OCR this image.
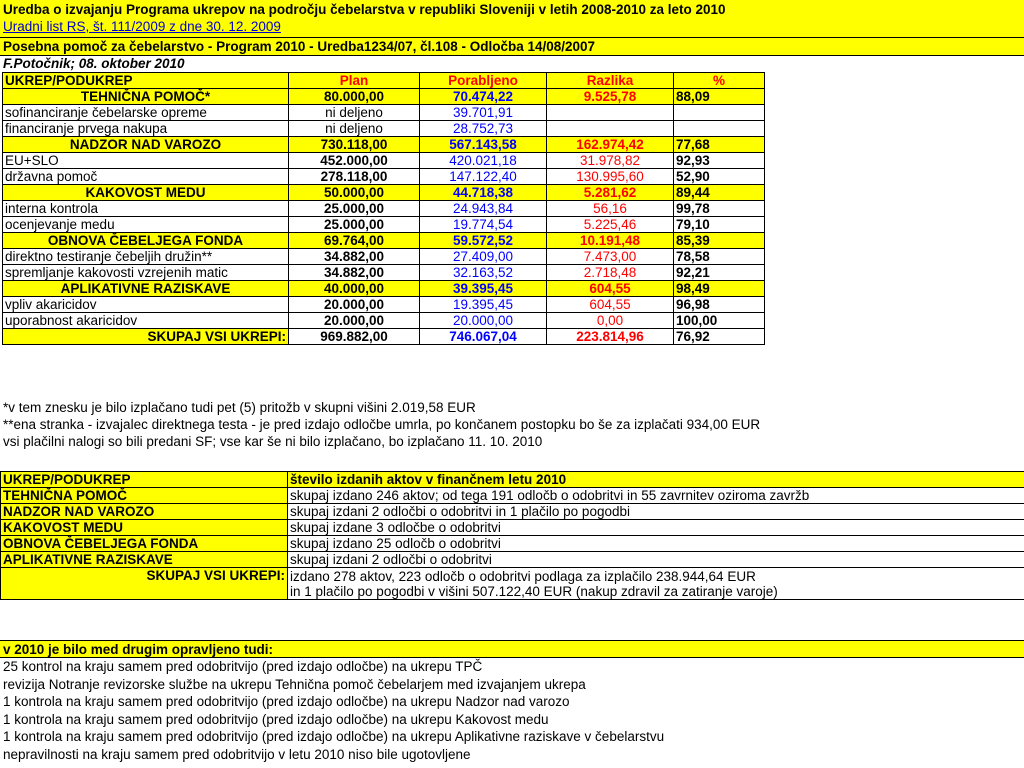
Uredba o izvajanju Programa ukrepov na področju čebelarstva v republiki Sloveniji v letih 2008-2010 za leto 2010
Uradni list RS, št. 111/2009 z dne 30. 12. 2009
Posebna pomoč za čebelarstvo - Program 2010 - Uredba1234/07, čl.108 - Odločba 14/08/2007
F.Potočnik; 08. oktober 2010
UKREP/PODUKREP	Plan	Porabljeno	Razlika	%
TEHNIČNA POMOČ*	80.000,00	70.474,22	9.525,78	88,09
sofinanciranje čebelarske opreme	ni deljeno	39.701,91		
financiranje prvega nakupa	ni deljeno	28.752,73		
NADZOR NAD VAROZO	730.118,00	567.143,58	162.974,42	77,68
EU+SLO	452.000,00	420.021,18	31.978,82	92,93
državna pomoč	278.118,00	147.122,40	130.995,60	52,90
KAKOVOST MEDU	50.000,00	44.718,38	5.281,62	89,44
interna kontrola	25.000,00	24.943,84	56,16	99,78
ocenjevanje medu	25.000,00	19.774,54	5.225,46	79,10
OBNOVA ČEBELJEGA FONDA	69.764,00	59.572,52	10.191,48	85,39
direktno testiranje čebeljih družin**	34.882,00	27.409,00	7.473,00	78,58
spremljanje kakovosti vzrejenih matic	34.882,00	32.163,52	2.718,48	92,21
APLIKATIVNE RAZISKAVE	40.000,00	39.395,45	604,55	98,49
vpliv akaricidov	20.000,00	19.395,45	604,55	96,98
uporabnost akaricidov	20.000,00	20.000,00	0,00	100,00
SKUPAJ VSI UKREPI:	969.882,00	746.067,04	223.814,96	76,92
*v tem znesku je bilo izplačano tudi pet (5) pritožb v skupni višini 2.019,58 EUR
**ena stranka - izvajalec direktnega testa - je pred izdajo odločbe umrla, po končanem postopku bo še za izplačati 934,00 EUR
vsi plačilni nalogi so bili predani SF; vse kar še ni bilo izplačano, bo izplačano 11. 10. 2010
UKREP/PODUKREP	število izdanih aktov v finančnem letu 2010
TEHNIČNA POMOČ	skupaj izdano 246 aktov; od tega 191 odločb o odobritvi in 55 zavrnitev oziroma zavržb
NADZOR NAD VAROZO	skupaj izdani 2 odločbi o odobritvi in 1 plačilo po pogodbi
KAKOVOST MEDU	skupaj izdane 3 odločbe o odobritvi
OBNOVA ČEBELJEGA FONDA	skupaj izdano 25 odločb o odobritvi
APLIKATIVNE RAZISKAVE	skupaj izdani 2 odločbi o odobritvi
SKUPAJ VSI UKREPI:	izdano 278 aktov, 223 odločb o odobritvi podlaga za izplačilo 238.944,64 EUR
in 1 plačilo po pogodbi v višini 507.122,40 EUR (nakup zdravil za zatiranje varoje)
v 2010 je bilo med drugim opravljeno tudi:
25 kontrol na kraju samem pred odobritvijo (pred izdajo odločbe) na ukrepu TPČ
revizija Notranje revizorske službe na ukrepu Tehnična pomoč čebelarjem med izvajanjem ukrepa
1 kontrola na kraju samem pred odobritvijo (pred izdajo odločbe) na ukrepu Nadzor nad varozo
1 kontrola na kraju samem pred odobritvijo (pred izdajo odločbe) na ukrepu Kakovost medu
1 kontrola na kraju samem pred odobritvijo (pred izdajo odločbe) na ukrepu Aplikativne raziskave v čebelarstvu
nepravilnosti na kraju samem pred odobritvijo v letu 2010 niso bile ugotovljene
